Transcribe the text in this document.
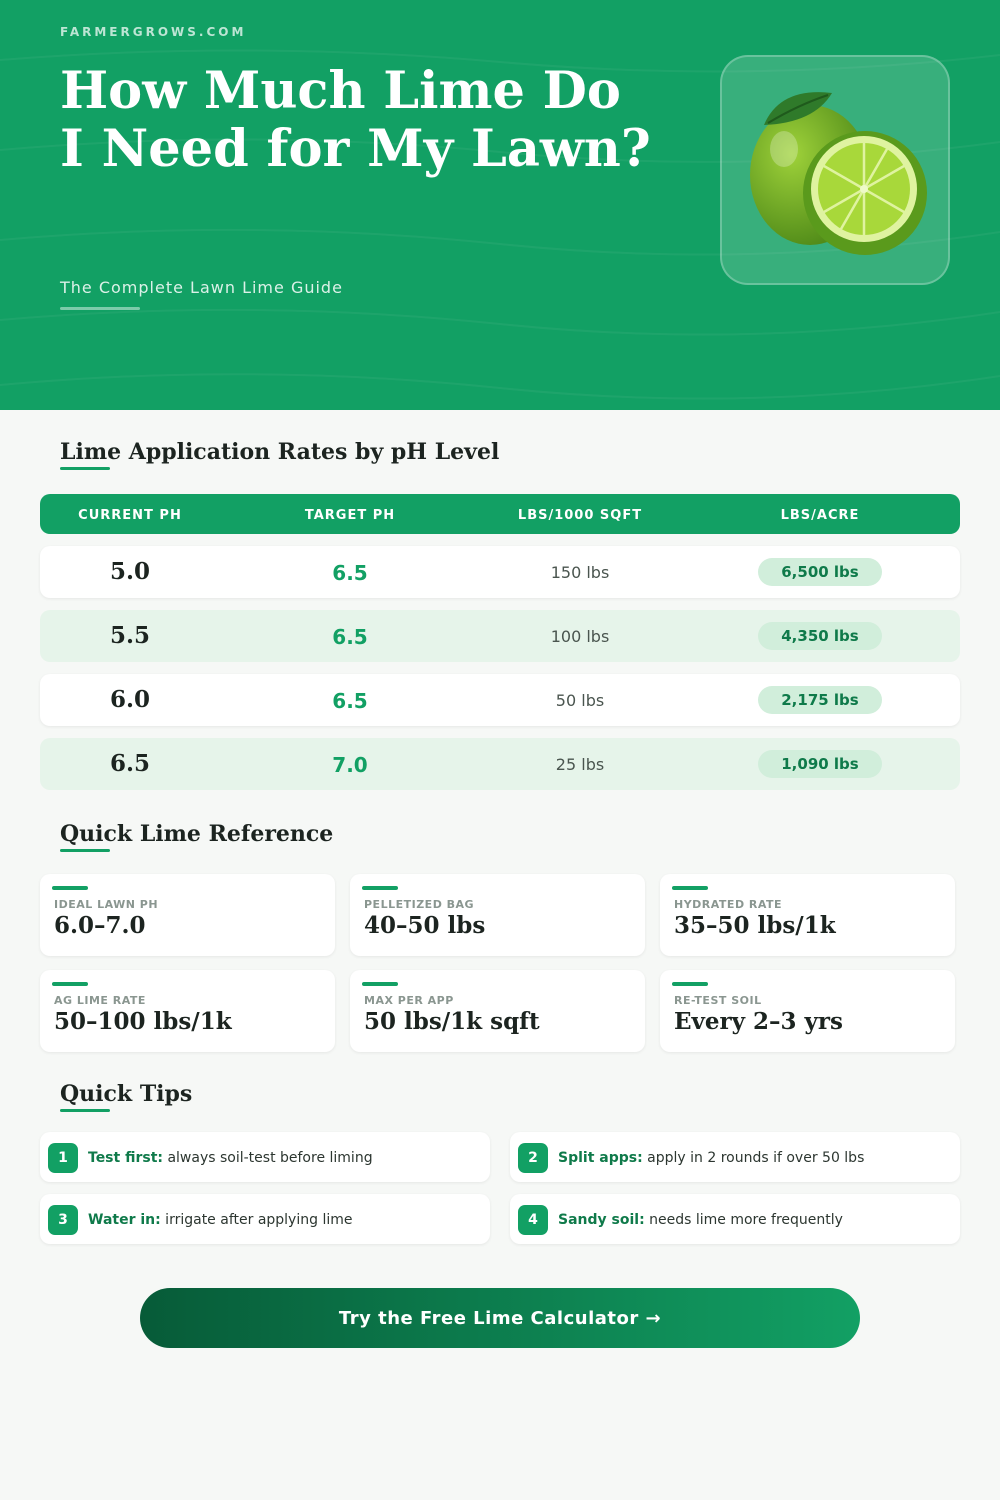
FARMERGROWS.COM
How Much Lime Do I Need for My Lawn?
The Complete Lawn Lime Guide
Lime Application Rates by pH Level
CURRENT PH	TARGET PH	LBS/1000 SQFT	LBS/ACRE
5.0	6.5	150 lbs	6,500 lbs
5.5	6.5	100 lbs	4,350 lbs
6.0	6.5	50 lbs	2,175 lbs
6.5	7.0	25 lbs	1,090 lbs
Quick Lime Reference
IDEAL LAWN PH
6.0–7.0
PELLETIZED BAG
40–50 lbs
HYDRATED RATE
35–50 lbs/1k
AG LIME RATE
50–100 lbs/1k
MAX PER APP
50 lbs/1k sqft
RE-TEST SOIL
Every 2–3 yrs
Quick Tips
1	Test first: always soil-test before liming	2	Split apps: apply in 2 rounds if over 50 lbs
3	Water in: irrigate after applying lime	4	Sandy soil: needs lime more frequently
Try the Free Lime Calculator →
